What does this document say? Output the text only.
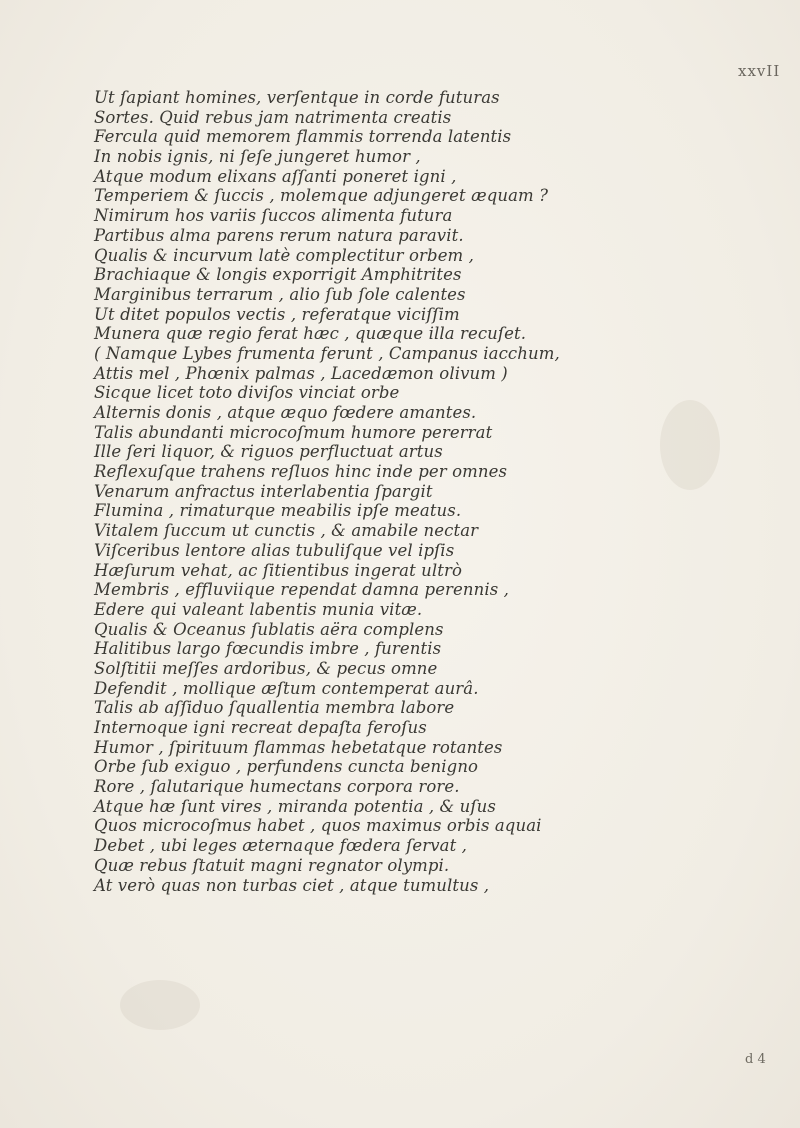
xxvII
Ut ſapiant homines, verſentque in corde futuras
Sortes. Quid rebus jam natrimenta creatis
Fercula quid memorem flammis torrenda latentis
In nobis ignis, ni ſeſe jungeret humor ,
Atque modum elixans aſſanti poneret igni ,
Temperiem & ſuccis , molemque adjungeret æquam ?
Nimirum hos variis ſuccos alimenta futura
Partibus alma parens rerum natura paravit.
Qualis & incurvum latè complectitur orbem ,
Brachiaque & longis exporrigit Amphitrites
Marginibus terrarum , alio ſub ſole calentes
Ut ditet populos vectis , referatque viciſſim
Munera quæ regio ferat hæc , quæque illa recuſet.
( Namque Lybes frumenta ferunt , Campanus iacchum,
Attis mel , Phœnix palmas , Lacedæmon olivum )
Sicque licet toto diviſos vinciat orbe
Alternis donis , atque æquo fœdere amantes.
Talis abundanti microcoſmum humore pererrat
Ille ſeri liquor, & riguos perfluctuat artus
Reflexuſque trahens reſluos hinc inde per omnes
Venarum anfractus interlabentia ſpargit
Flumina , rimaturque meabilis ipſe meatus.
Vitalem ſuccum ut cunctis , & amabile nectar
Viſceribus lentore alias tubuliſque vel ipſis
Hæſurum vehat, ac ſitientibus ingerat ultrò
Membris , effluviique rependat damna perennis ,
Edere qui valeant labentis munia vitæ.
Qualis & Oceanus ſublatis aëra complens
Halitibus largo fœcundis imbre , furentis
Solſtitii meſſes ardoribus, & pecus omne
Defendit , mollique æſtum contemperat aurâ.
Talis ab aſſiduo ſquallentia membra labore
Internoque igni recreat depaſta feroſus
Humor , ſpirituum flammas hebetatque rotantes
Orbe ſub exiguo , perfundens cuncta benigno
Rore , ſalutarique humectans corpora rore.
Atque hæ ſunt vires , miranda potentia , & uſus
Quos microcoſmus habet , quos maximus orbis aquai
Debet , ubi leges æternaque fœdera ſervat ,
Quæ rebus ſtatuit magni regnator olympi.
At verò quas non turbas ciet , atque tumultus ,
d 4
